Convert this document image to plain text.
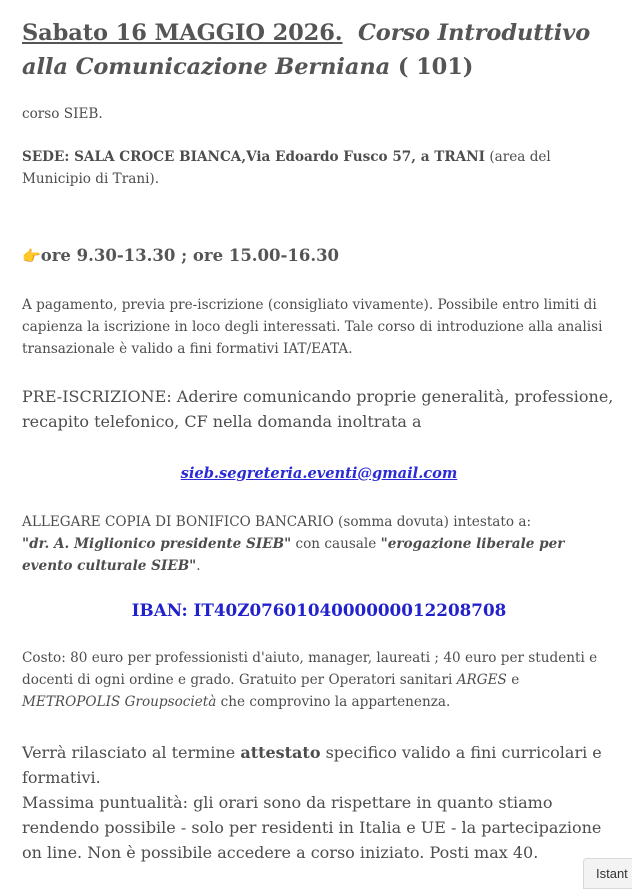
Sabato 16 MAGGIO 2026. Corso Introduttivo alla Comunicazione Berniana ( 101)

corso SIEB.

SEDE: SALA CROCE BIANCA,Via Edoardo Fusco 57, a TRANI (area del Municipio di Trani).

👉ore 9.30-13.30 ; ore 15.00-16.30

A pagamento, previa pre-iscrizione (consigliato vivamente). Possibile entro limiti di capienza la iscrizione in loco degli interessati. Tale corso di introduzione alla analisi transazionale è valido a fini formativi IAT/EATA.

PRE-ISCRIZIONE: Aderire comunicando proprie generalità, professione, recapito telefonico, CF nella domanda inoltrata a

sieb.segreteria.eventi@gmail.com

ALLEGARE COPIA DI BONIFICO BANCARIO (somma dovuta) intestato a:
"dr. A. Miglionico presidente SIEB" con causale "erogazione liberale per evento culturale SIEB".

IBAN: IT40Z0760104000000012208708

Costo: 80 euro per professionisti d'aiuto, manager, laureati ; 40 euro per studenti e docenti di ogni ordine e grado. Gratuito per Operatori sanitari ARGES e METROPOLIS Groupsocietà che comprovino la appartenenza.

Verrà rilasciato al termine attestato specifico valido a fini curricolari e formativi.
Massima puntualità: gli orari sono da rispettare in quanto stiamo rendendo possibile - solo per residenti in Italia e UE - la partecipazione on line. Non è possibile accedere a corso iniziato. Posti max 40.

Istant
